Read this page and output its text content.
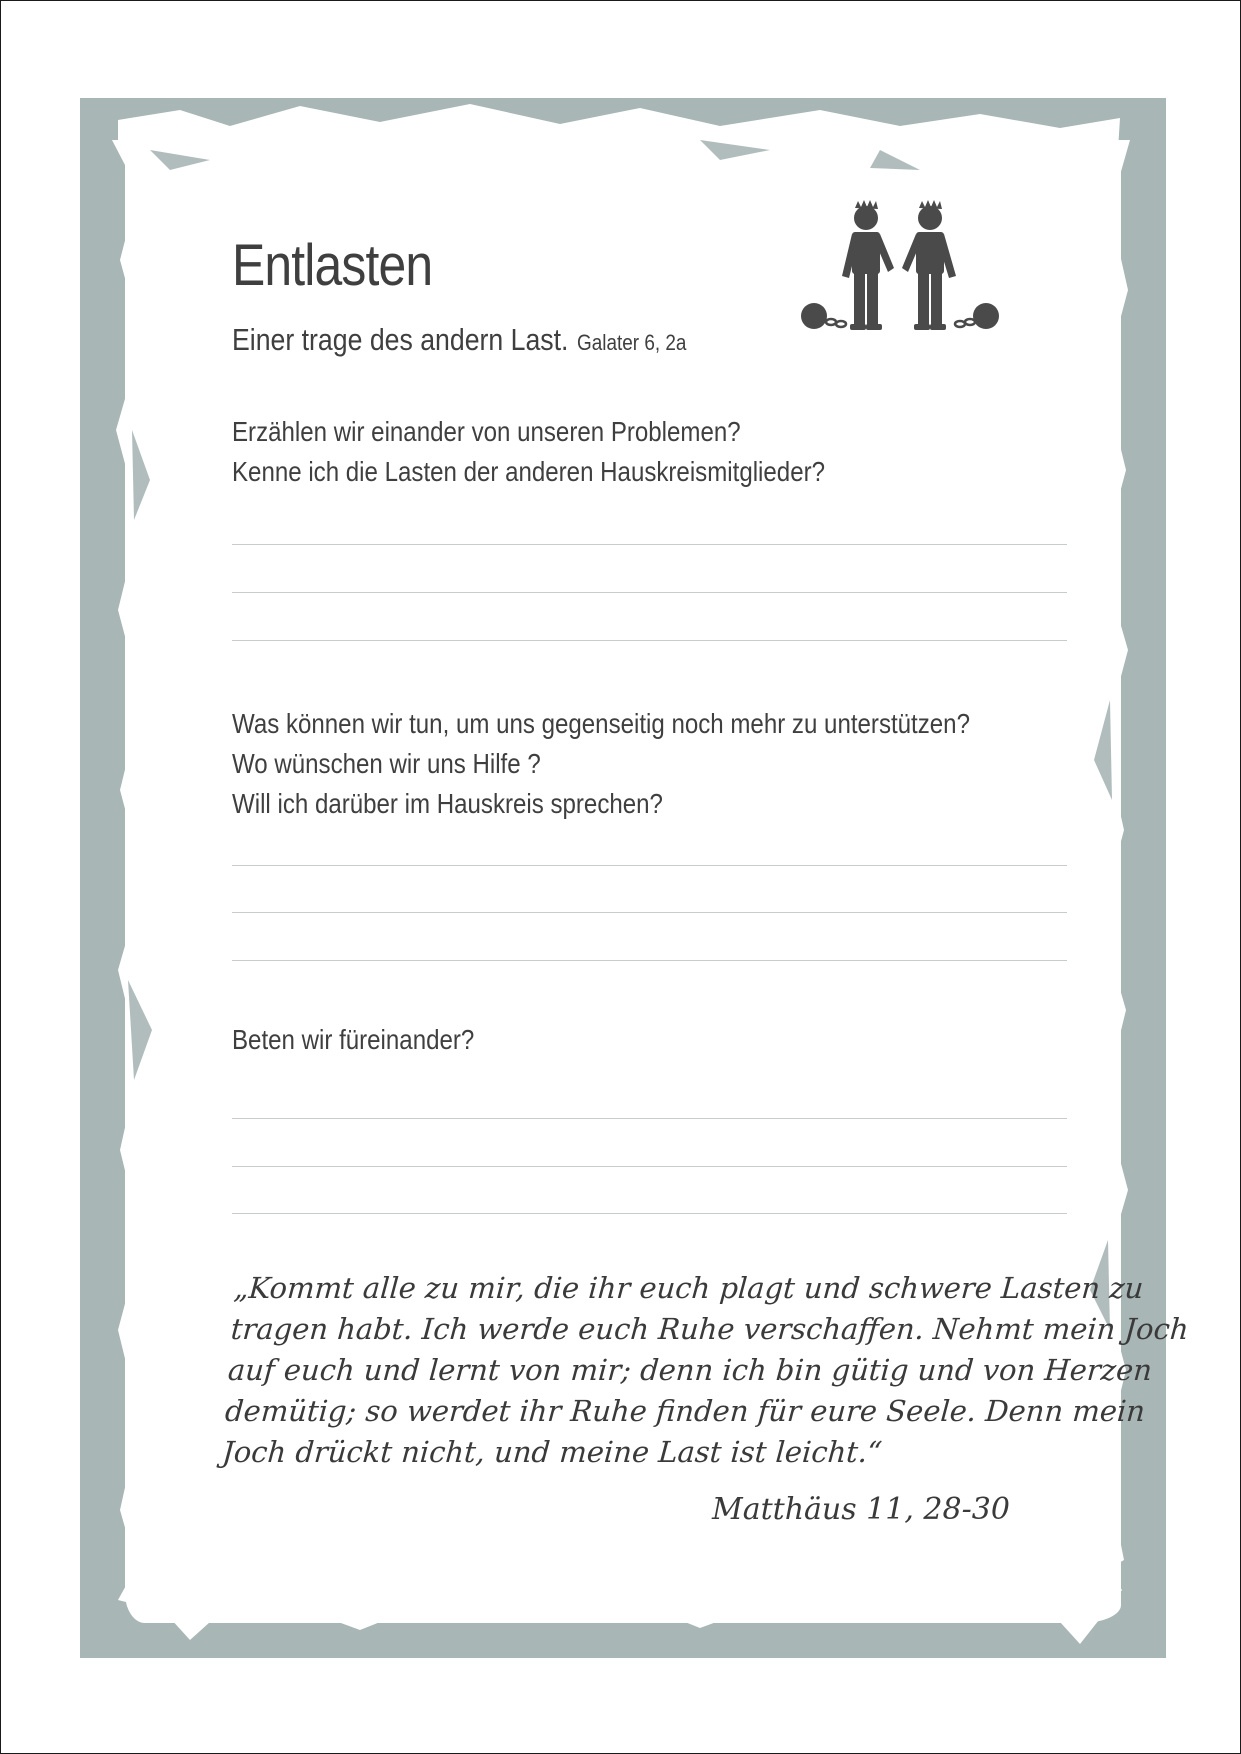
Entlasten
Einer trage des andern Last. Galater 6, 2a
Erzählen wir einander von unseren Problemen?
Kenne ich die Lasten der anderen Hauskreismitglieder?
Was können wir tun, um uns gegenseitig noch mehr zu unterstützen?
Wo wünschen wir uns Hilfe ?
Will ich darüber im Hauskreis sprechen?
Beten wir füreinander?
„Kommt alle zu mir, die ihr euch plagt und schwere Lasten zu
tragen habt. Ich werde euch Ruhe verschaffen. Nehmt mein Joch
auf euch und lernt von mir; denn ich bin gütig und von Herzen
demütig; so werdet ihr Ruhe finden für eure Seele. Denn mein
Joch drückt nicht, und meine Last ist leicht.“
Matthäus 11, 28-30
